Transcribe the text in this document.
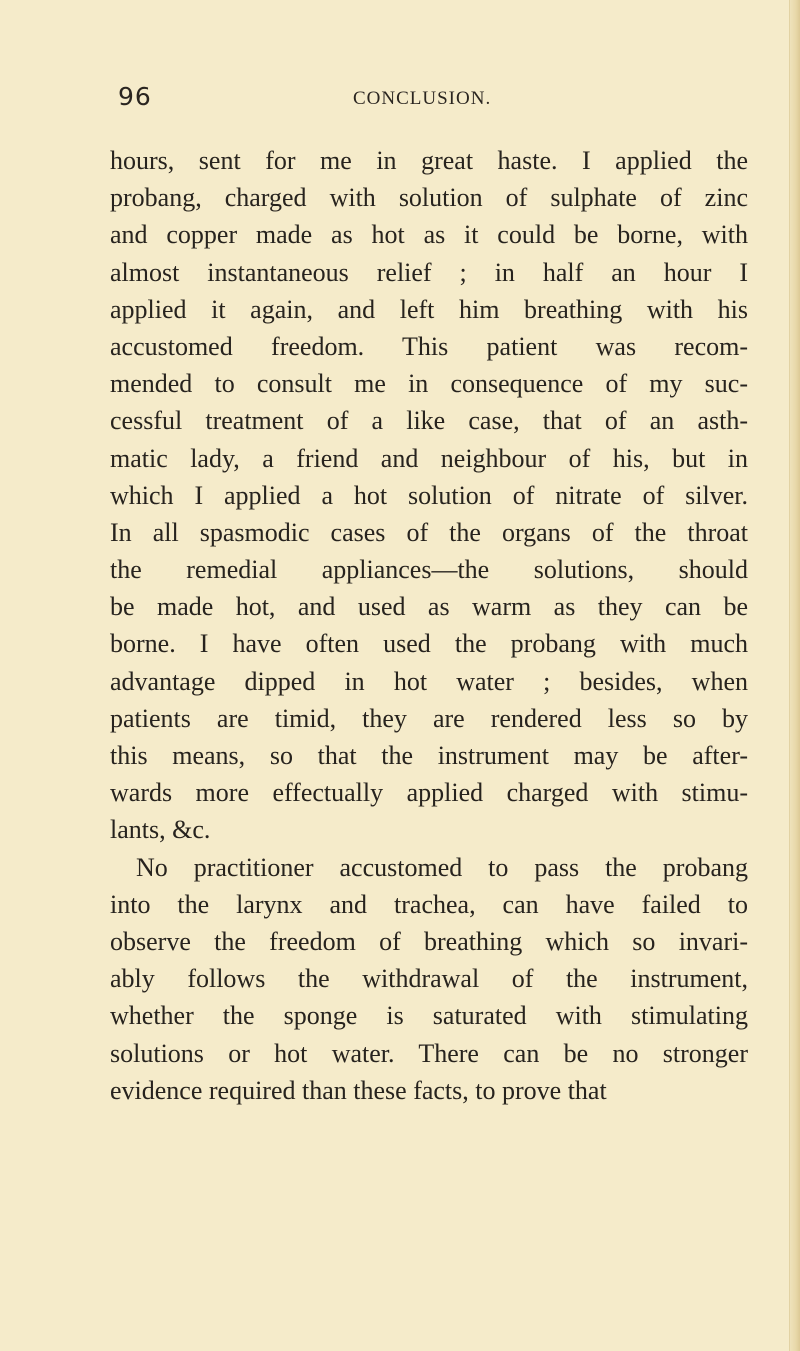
96	CONCLUSION.
hours, sent for me in great haste. I applied the
probang, charged with solution of sulphate of zinc
and copper made as hot as it could be borne, with
almost instantaneous relief ; in half an hour I
applied it again, and left him breathing with his
accustomed freedom. This patient was recom-
mended to consult me in consequence of my suc-
cessful treatment of a like case, that of an asth-
matic lady, a friend and neighbour of his, but in
which I applied a hot solution of nitrate of silver.
In all spasmodic cases of the organs of the throat
the remedial appliances—the solutions, should
be made hot, and used as warm as they can be
borne. I have often used the probang with much
advantage dipped in hot water ; besides, when
patients are timid, they are rendered less so by
this means, so that the instrument may be after-
wards more effectually applied charged with stimu-
lants, &c.
No practitioner accustomed to pass the probang
into the larynx and trachea, can have failed to
observe the freedom of breathing which so invari-
ably follows the withdrawal of the instrument,
whether the sponge is saturated with stimulating
solutions or hot water. There can be no stronger
evidence required than these facts, to prove that
